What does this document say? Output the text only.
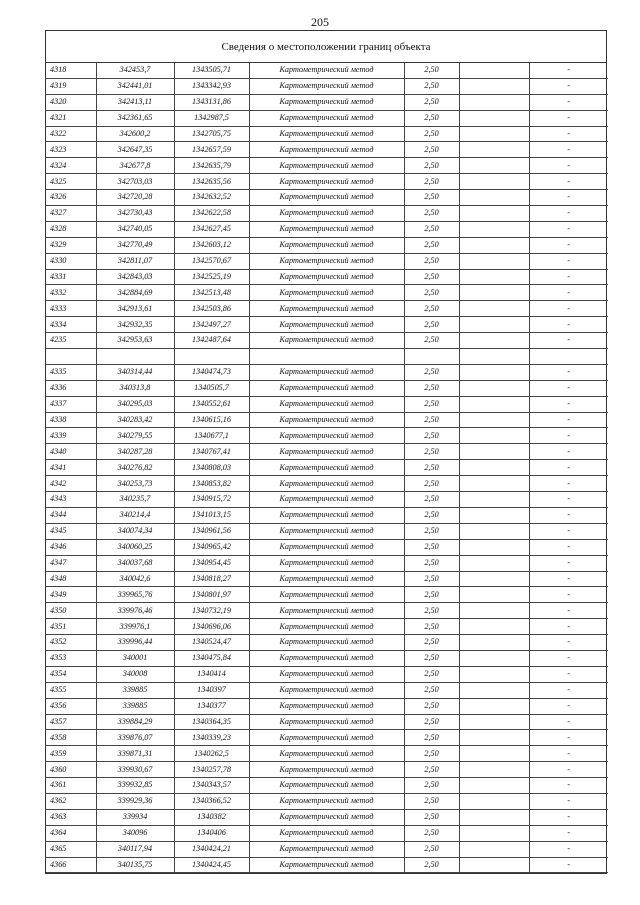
205
Сведения о местоположении границ объекта
4318	342453,7	1343505,71	Картометрический метод	2,50		-
4319	342441,01	1343342,93	Картометрический метод	2,50		-
4320	342413,11	1343131,86	Картометрический метод	2,50		-
4321	342361,65	1342987,5	Картометрический метод	2,50		-
4322	342600,2	1342705,75	Картометрический метод	2,50		-
4323	342647,35	1342657,59	Картометрический метод	2,50		-
4324	342677,8	1342635,79	Картометрический метод	2,50		-
4325	342703,03	1342635,56	Картометрический метод	2,50		-
4326	342720,28	1342632,52	Картометрический метод	2,50		-
4327	342730,43	1342622,58	Картометрический метод	2,50		-
4328	342740,05	1342627,45	Картометрический метод	2,50		-
4329	342770,49	1342603,12	Картометрический метод	2,50		-
4330	342811,07	1342570,67	Картометрический метод	2,50		-
4331	342843,03	1342525,19	Картометрический метод	2,50		-
4332	342884,69	1342513,48	Картометрический метод	2,50		-
4333	342913,61	1342503,86	Картометрический метод	2,50		-
4334	342932,35	1342497,27	Картометрический метод	2,50		-
4235	342953,63	1342487,64	Картометрический метод	2,50		-

4335	340314,44	1340474,73	Картометрический метод	2,50		-
4336	340313,8	1340505,7	Картометрический метод	2,50		-
4337	340295,03	1340552,61	Картометрический метод	2,50		-
4338	340283,42	1340615,16	Картометрический метод	2,50		-
4339	340279,55	1340677,1	Картометрический метод	2,50		-
4340	340287,28	1340767,41	Картометрический метод	2,50		-
4341	340276,82	1340808,03	Картометрический метод	2,50		-
4342	340253,73	1340853,82	Картометрический метод	2,50		-
4343	340235,7	1340915,72	Картометрический метод	2,50		-
4344	340214,4	1341013,15	Картометрический метод	2,50		-
4345	340074,34	1340961,56	Картометрический метод	2,50		-
4346	340060,25	1340965,42	Картометрический метод	2,50		-
4347	340037,68	1340954,45	Картометрический метод	2,50		-
4348	340042,6	1340818,27	Картометрический метод	2,50		-
4349	339965,76	1340801,97	Картометрический метод	2,50		-
4350	339976,46	1340732,19	Картометрический метод	2,50		-
4351	339976,1	1340696,06	Картометрический метод	2,50		-
4352	339996,44	1340524,47	Картометрический метод	2,50		-
4353	340001	1340475,84	Картометрический метод	2,50		-
4354	340008	1340414	Картометрический метод	2,50		-
4355	339885	1340397	Картометрический метод	2,50		-
4356	339885	1340377	Картометрический метод	2,50		-
4357	339884,29	1340364,35	Картометрический метод	2,50		-
4358	339876,07	1340339,23	Картометрический метод	2,50		-
4359	339871,31	1340262,5	Картометрический метод	2,50		-
4360	339930,67	1340257,78	Картометрический метод	2,50		-
4361	339932,85	1340343,57	Картометрический метод	2,50		-
4362	339929,36	1340366,52	Картометрический метод	2,50		-
4363	339934	1340382	Картометрический метод	2,50		-
4364	340096	1340406	Картометрический метод	2,50		-
4365	340117,94	1340424,21	Картометрический метод	2,50		-
4366	340135,75	1340424,45	Картометрический метод	2,50		-
